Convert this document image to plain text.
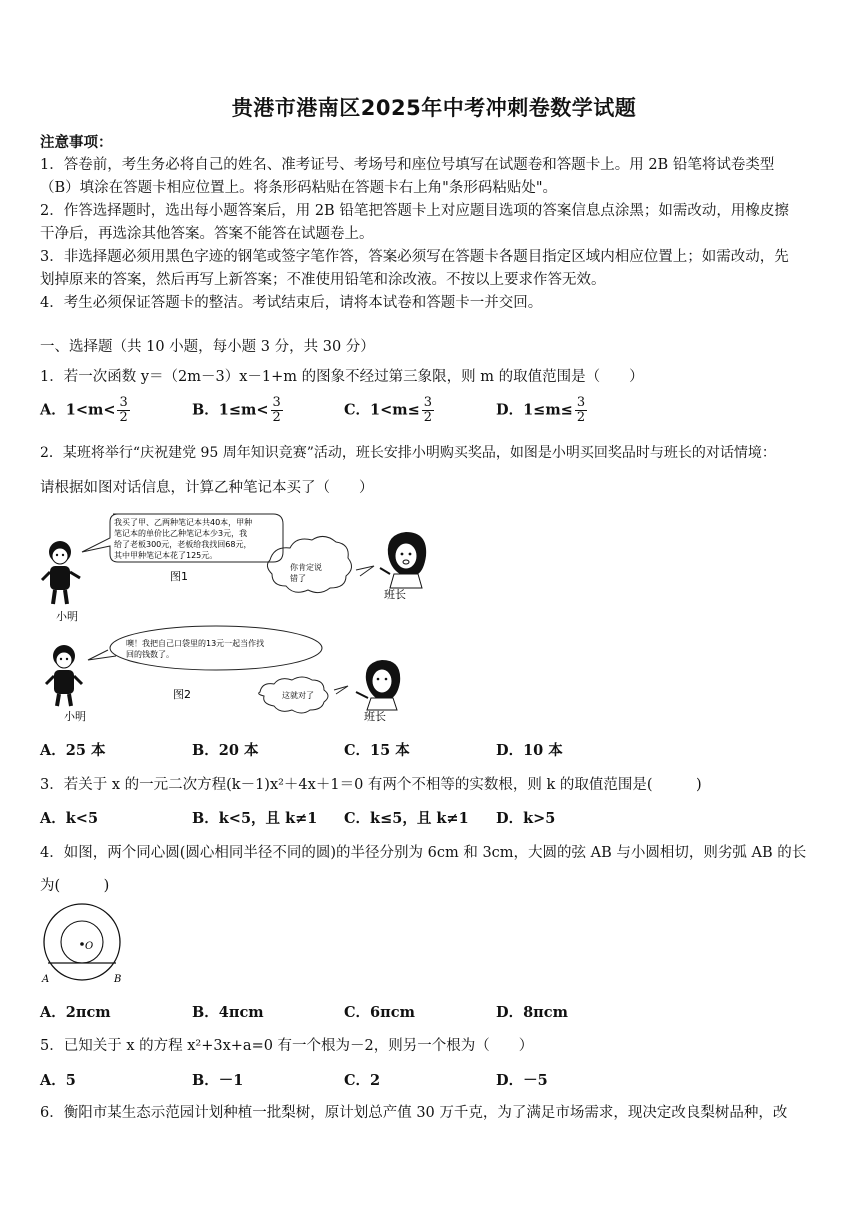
贵港市港南区2025年中考冲刺卷数学试题
注意事项：
1．答卷前，考生务必将自己的姓名、准考证号、考场号和座位号填写在试题卷和答题卡上。用 2B 铅笔将试卷类型
（B）填涂在答题卡相应位置上。将条形码粘贴在答题卡右上角"条形码粘贴处"。
2．作答选择题时，选出每小题答案后，用 2B 铅笔把答题卡上对应题目选项的答案信息点涂黑；如需改动，用橡皮擦
干净后，再选涂其他答案。答案不能答在试题卷上。
3．非选择题必须用黑色字迹的钢笔或签字笔作答，答案必须写在答题卡各题目指定区域内相应位置上；如需改动，先
划掉原来的答案，然后再写上新答案；不准使用铅笔和涂改液。不按以上要求作答无效。
4．考生必须保证答题卡的整洁。考试结束后，请将本试卷和答题卡一并交回。
一、选择题（共 10 小题，每小题 3 分，共 30 分）
1．若一次函数 y＝（2m－3）x－1+m 的图象不经过第三象限，则 m 的取值范围是（　　）
A．$1<m< \frac{3}{2}$	B．$1\le m< \frac{3}{2}$	C．$1<m\le \frac{3}{2}$	D．$1\le m\le \frac{3}{2}$
2．某班将举行“庆祝建党 95 周年知识竞赛”活动，班长安排小明购买奖品，如图是小明买回奖品时与班长的对话情境：
请根据如图对话信息，计算乙种笔记本买了（　　）
我买了甲、乙两种笔记本共40本，甲种
笔记本的单价比乙种笔记本少3元，我
给了老板300元，老板给我找回68元，
其中甲种笔记本花了125元。
图1
你肯定说
错了
小明
班长
噢！我把自己口袋里的13元一起当作找
回的钱数了。
图2	这就对了
小明	班长
A．25 本	B．20 本	C．15 本	D．10 本
3．若关于 x 的一元二次方程(k－1)x²＋4x＋1＝0 有两个不相等的实数根，则 k 的取值范围是(　　　)
A．k<5	B．k<5，且 k≠1 C．k≤5，且 k≠1 D．k>5
4．如图，两个同心圆(圆心相同半径不同的圆)的半径分别为 6cm 和 3cm，大圆的弦 AB 与小圆相切，则劣弧 AB 的长
为(　　　)
O
A	B
A．2πcm	B．4πcm	C．6πcm	D．8πcm
5．已知关于 x 的方程 x²+3x+a=0 有一个根为－2，则另一个根为（　　）
A．5	B．－1	C．2	D．－5
6．衡阳市某生态示范园计划种植一批梨树，原计划总产值 30 万千克，为了满足市场需求，现决定改良梨树品种，改
